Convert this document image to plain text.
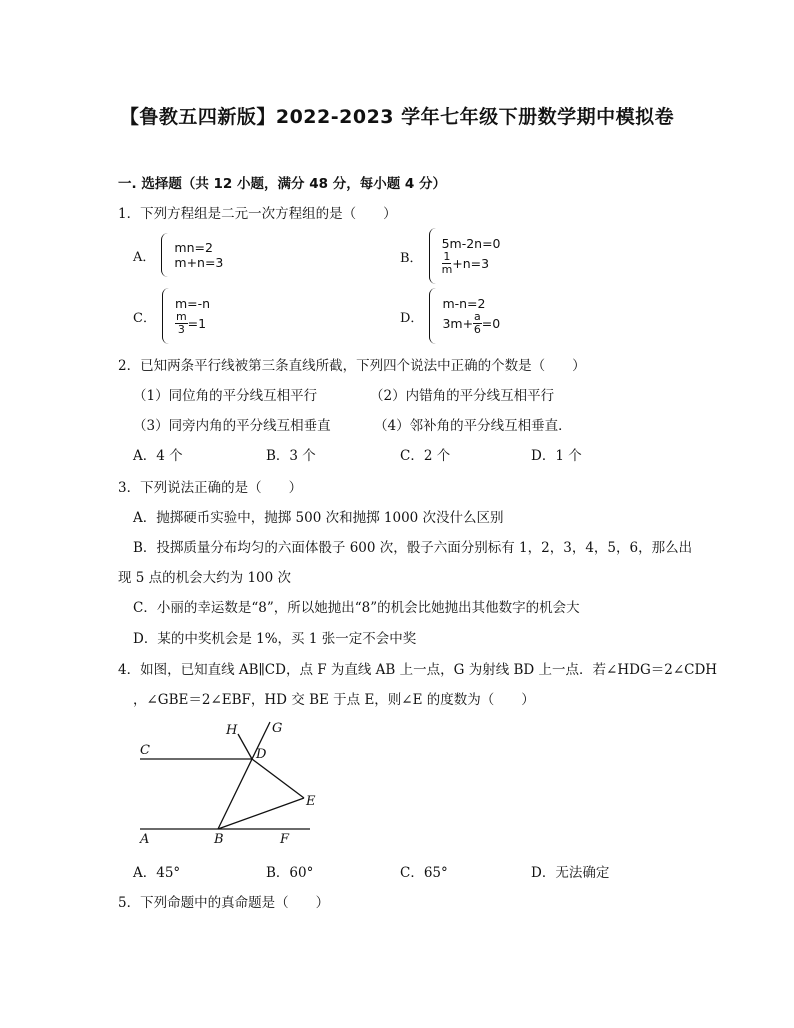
【鲁教五四新版】2022-2023 学年七年级下册数学期中模拟卷
一. 选择题（共 12 小题，满分 48 分，每小题 4 分）
1．下列方程组是二元一次方程组的是（　　）
A．
mn=2
m+n=3	B．
5m-2n=0
$\frac{1}{m} +n=3$
C．
m=-n
$\frac{m}{3} =1$	D．
m-n=2
$3m+ \frac{a}{6} =0$
2．已知两条平行线被第三条直线所截，下列四个说法中正确的个数是（　　）
（1）同位角的平分线互相平行	（2）内错角的平分线互相平行
（3）同旁内角的平分线互相垂直	（4）邻补角的平分线互相垂直．
A．4 个	B．3 个	C．2 个	D．1 个
3．下列说法正确的是（　　）
A．抛掷硬币实验中，抛掷 500 次和抛掷 1000 次没什么区别
B．投掷质量分布均匀的六面体骰子 600 次，骰子六面分别标有 1，2，3，4，5，6，那么出
现 5 点的机会大约为 100 次
C．小丽的幸运数是“8”，所以她抛出“8”的机会比她抛出其他数字的机会大
D．某的中奖机会是 1%，买 1 张一定不会中奖
4．如图，已知直线 AB∥CD，点 F 为直线 AB 上一点，G 为射线 BD 上一点．若∠HDG＝2∠CDH
，∠GBE＝2∠EBF，HD 交 BE 于点 E，则∠E 的度数为（　　）
C
H	G
D
E
A	B	F
A．45°	B．60°	C．65°	D．无法确定
5．下列命题中的真命题是（　　）
